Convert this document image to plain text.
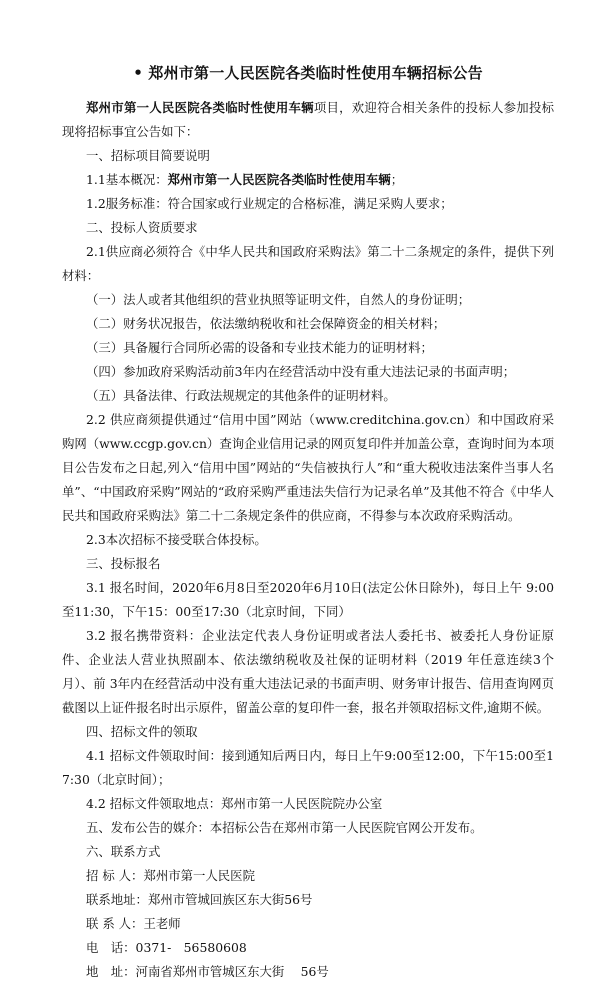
• 郑州市第一人民医院各类临时性使用车辆招标公告

郑州市第一人民医院各类临时性使用车辆项目，欢迎符合相关条件的投标人参加投标现将招标事宜公告如下：

一、招标项目简要说明

1.1基本概况：郑州市第一人民医院各类临时性使用车辆；

1.2服务标准：符合国家或行业规定的合格标准，满足采购人要求；

二、投标人资质要求

2.1供应商必须符合《中华人民共和国政府采购法》第二十二条规定的条件，提供下列材料：

（一）法人或者其他组织的营业执照等证明文件，自然人的身份证明；

（二）财务状况报告，依法缴纳税收和社会保障资金的相关材料；

（三）具备履行合同所必需的设备和专业技术能力的证明材料；

（四）参加政府采购活动前3年内在经营活动中没有重大违法记录的书面声明；

（五）具备法律、行政法规规定的其他条件的证明材料。

2.2 供应商须提供通过“信用中国”网站（www.creditchina.gov.cn）和中国政府采购网（www.ccgp.gov.cn）查询企业信用记录的网页复印件并加盖公章，查询时间为本项目公告发布之日起,列入“信用中国”网站的“失信被执行人”和“重大税收违法案件当事人名单”、“中国政府采购”网站的“政府采购严重违法失信行为记录名单”及其他不符合《中华人民共和国政府采购法》第二十二条规定条件的供应商，不得参与本次政府采购活动。

2.3本次招标不接受联合体投标。

三、投标报名

3.1 报名时间，2020年6月8日至2020年6月10日(法定公休日除外)，每日上午 9:00至11:30，下午15：00至17:30（北京时间，下同）

3.2 报名携带资料：企业法定代表人身份证明或者法人委托书、被委托人身份证原件、企业法人营业执照副本、依法缴纳税收及社保的证明材料（2019 年任意连续3个月）、前 3年内在经营活动中没有重大违法记录的书面声明、财务审计报告、信用查询网页截图以上证件报名时出示原件，留盖公章的复印件一套，报名并领取招标文件,逾期不候。

四、招标文件的领取

4.1 招标文件领取时间：接到通知后两日内，每日上午9:00至12:00，下午15:00至17:30（北京时间）；

4.2 招标文件领取地点：郑州市第一人民医院院办公室

五、发布公告的媒介：本招标公告在郑州市第一人民医院官网公开发布。

六、联系方式

招 标 人：郑州市第一人民医院

联系地址：郑州市管城回族区东大街56号

联 系 人：王老师

电　话：0371-　56580608

地　址：河南省郑州市管城区东大街　 56号
